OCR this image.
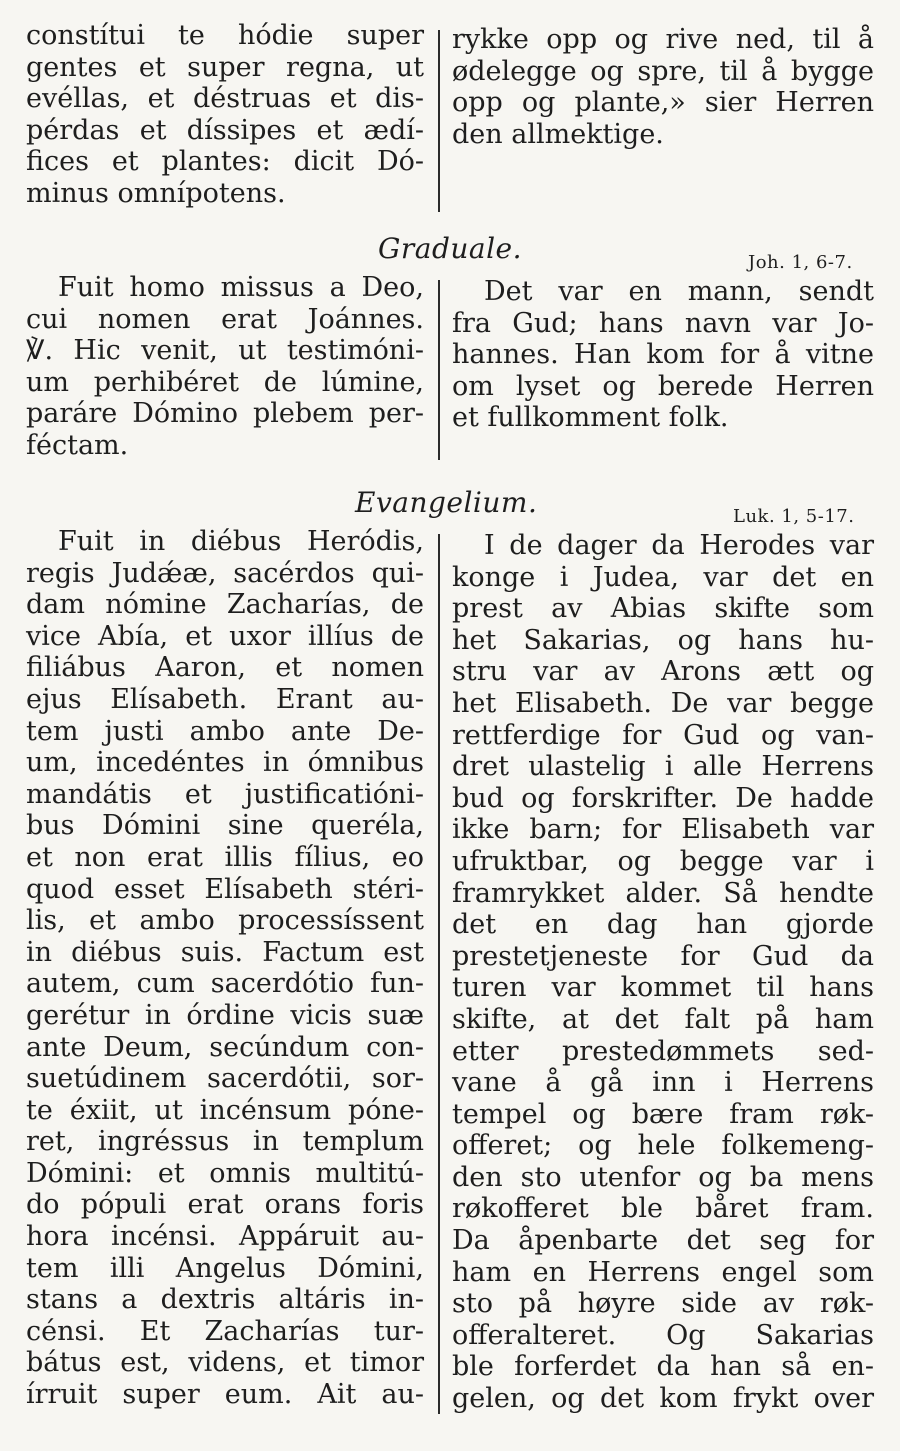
constítui te hódie super
gentes et super regna, ut
evéllas, et déstruas et dis-
pérdas et díssipes et ædí-
fices et plantes: dicit Dó-
minus omnípotens.
rykke opp og rive ned, til å
ødelegge og spre, til å bygge
opp og plante,» sier Herren
den allmektige.
Graduale.	Joh. 1, 6-7.
Fuit homo missus a Deo,
cui nomen erat Joánnes.
℣. Hic venit, ut testimóni-
um perhibéret de lúmine,
paráre Dómino plebem per-
féctam.
Det var en mann, sendt
fra Gud; hans navn var Jo-
hannes. Han kom for å vitne
om lyset og berede Herren
et fullkomment folk.
Evangelium.	Luk. 1, 5-17.
Fuit in diébus Heródis,
regis Judǽæ, sacérdos qui-
dam nómine Zacharías, de
vice Abía, et uxor illíus de
filiábus Aaron, et nomen
ejus Elísabeth. Erant au-
tem justi ambo ante De-
um, incedéntes in ómnibus
mandátis et justificatióni-
bus Dómini sine queréla,
et non erat illis fílius, eo
quod esset Elísabeth stéri-
lis, et ambo processíssent
in diébus suis. Factum est
autem, cum sacerdótio fun-
gerétur in órdine vicis suæ
ante Deum, secúndum con-
suetúdinem sacerdótii, sor-
te éxiit, ut incénsum póne-
ret, ingréssus in templum
Dómini: et omnis multitú-
do pópuli erat orans foris
hora incénsi. Appáruit au-
tem illi Angelus Dómini,
stans a dextris altáris in-
cénsi. Et Zacharías tur-
bátus est, videns, et timor
írruit super eum. Ait au-
I de dager da Herodes var
konge i Judea, var det en
prest av Abias skifte som
het Sakarias, og hans hu-
stru var av Arons ætt og
het Elisabeth. De var begge
rettferdige for Gud og van-
dret ulastelig i alle Herrens
bud og forskrifter. De hadde
ikke barn; for Elisabeth var
ufruktbar, og begge var i
framrykket alder. Så hendte
det en dag han gjorde
prestetjeneste for Gud da
turen var kommet til hans
skifte, at det falt på ham
etter prestedømmets sed-
vane å gå inn i Herrens
tempel og bære fram røk-
offeret; og hele folkemeng-
den sto utenfor og ba mens
røkofferet ble båret fram.
Da åpenbarte det seg for
ham en Herrens engel som
sto på høyre side av røk-
offeralteret. Og Sakarias
ble forferdet da han så en-
gelen, og det kom frykt over
